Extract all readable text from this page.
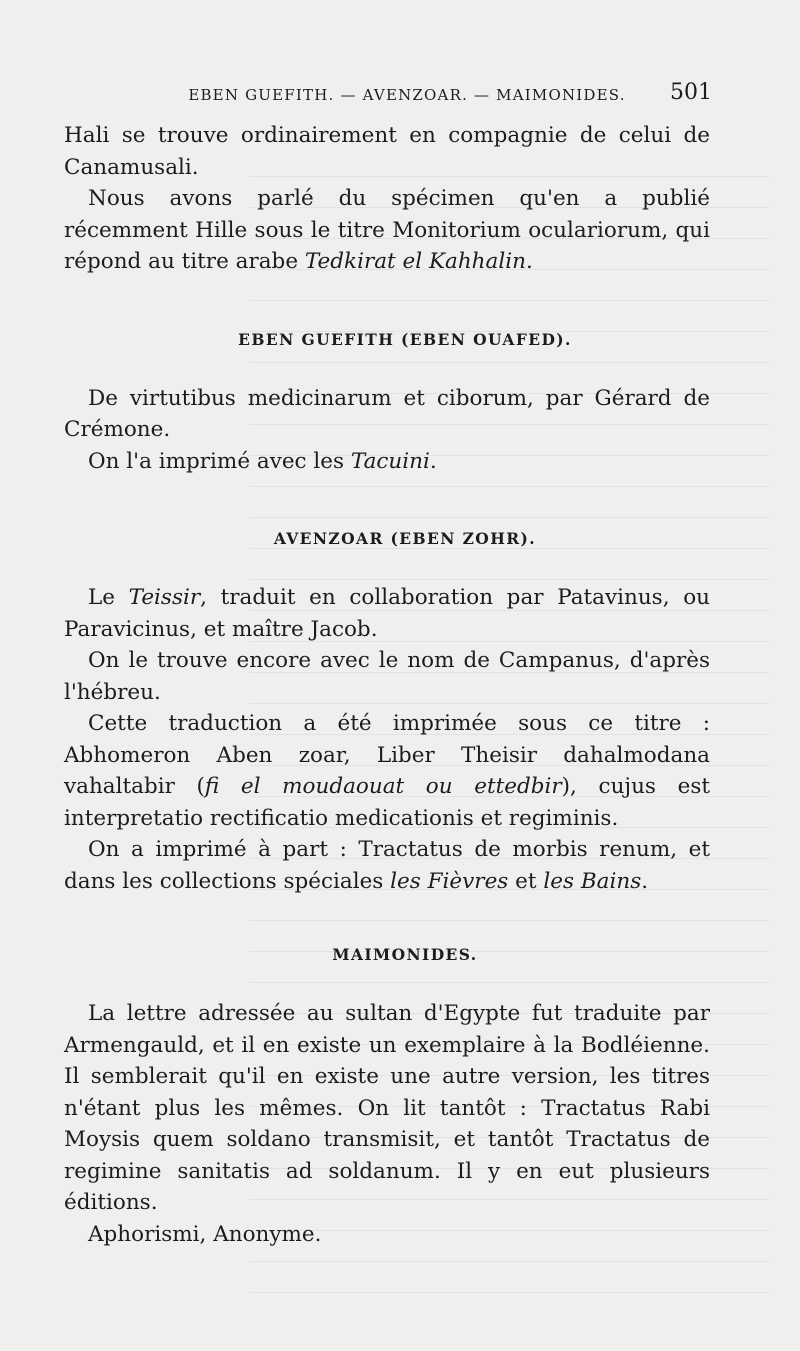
EBEN GUEFITH. — AVENZOAR. — MAIMONIDES. 501

Hali se trouve ordinairement en compagnie de celui de Canamusali.

Nous avons parlé du spécimen qu'en a publié récemment Hille sous le titre Monitorium oculariorum, qui répond au titre arabe Tedkirat el Kahhalin.

EBEN GUEFITH (EBEN OUAFED).

De virtutibus medicinarum et ciborum, par Gérard de Crémone.

On l'a imprimé avec les Tacuini.

AVENZOAR (EBEN ZOHR).

Le Teissir, traduit en collaboration par Patavinus, ou Paravicinus, et maître Jacob.

On le trouve encore avec le nom de Campanus, d'après l'hébreu.

Cette traduction a été imprimée sous ce titre : Abhomeron Aben zoar, Liber Theisir dahalmodana vahaltabir (fi el moudaouat ou ettedbir), cujus est interpretatio rectificatio medicationis et regiminis.

On a imprimé à part : Tractatus de morbis renum, et dans les collections spéciales les Fièvres et les Bains.

MAIMONIDES.

La lettre adressée au sultan d'Egypte fut traduite par Armengauld, et il en existe un exemplaire à la Bodléienne. Il semblerait qu'il en existe une autre version, les titres n'étant plus les mêmes. On lit tantôt : Tractatus Rabi Moysis quem soldano transmisit, et tantôt Tractatus de regimine sanitatis ad soldanum. Il y en eut plusieurs éditions.

Aphorismi, Anonyme.
